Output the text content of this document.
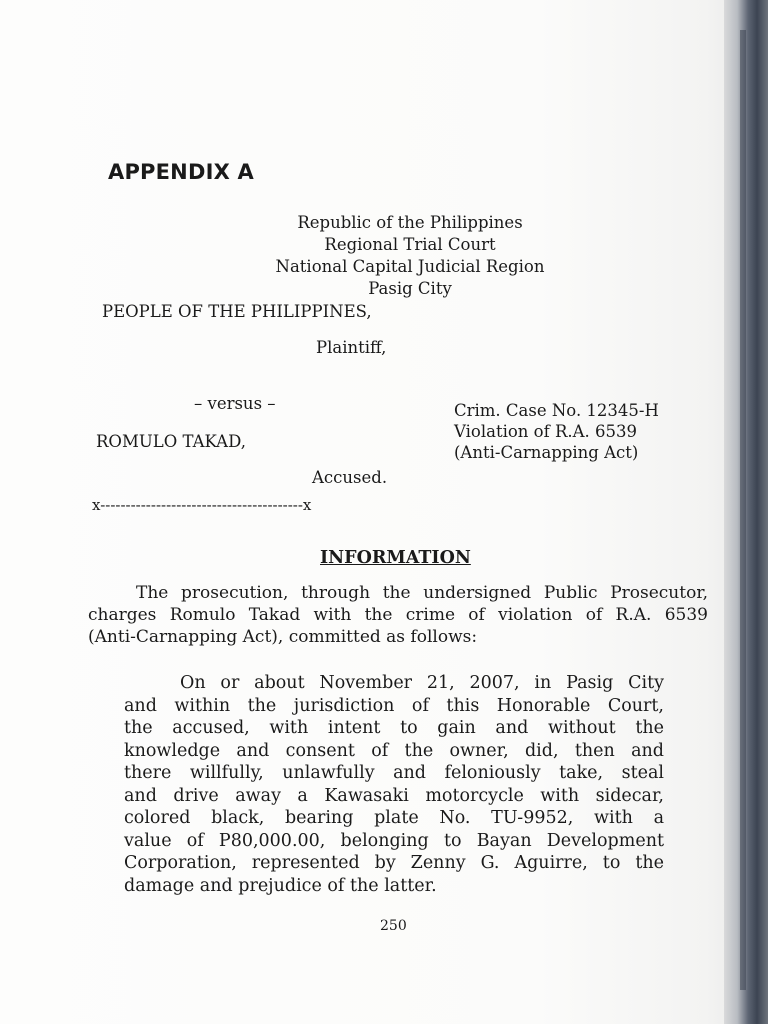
APPENDIX A
Republic of the Philippines
Regional Trial Court
National Capital Judicial Region
Pasig City
PEOPLE OF THE PHILIPPINES,
Plaintiff,
– versus –
ROMULO TAKAD,
Accused.
Crim. Case No. 12345-H
Violation of R.A. 6539
(Anti-Carnapping Act)
x----------------------------------------x
INFORMATION
The prosecution, through the undersigned Public Prosecutor,
charges Romulo Takad with the crime of violation of R.A. 6539
(Anti-Carnapping Act), committed as follows:
On or about November 21, 2007, in Pasig City
and within the jurisdiction of this Honorable Court,
the accused, with intent to gain and without the
knowledge and consent of the owner, did, then and
there willfully, unlawfully and feloniously take, steal
and drive away a Kawasaki motorcycle with sidecar,
colored black, bearing plate No. TU-9952, with a
value of P80,000.00, belonging to Bayan Development
Corporation, represented by Zenny G. Aguirre, to the
damage and prejudice of the latter.
250
